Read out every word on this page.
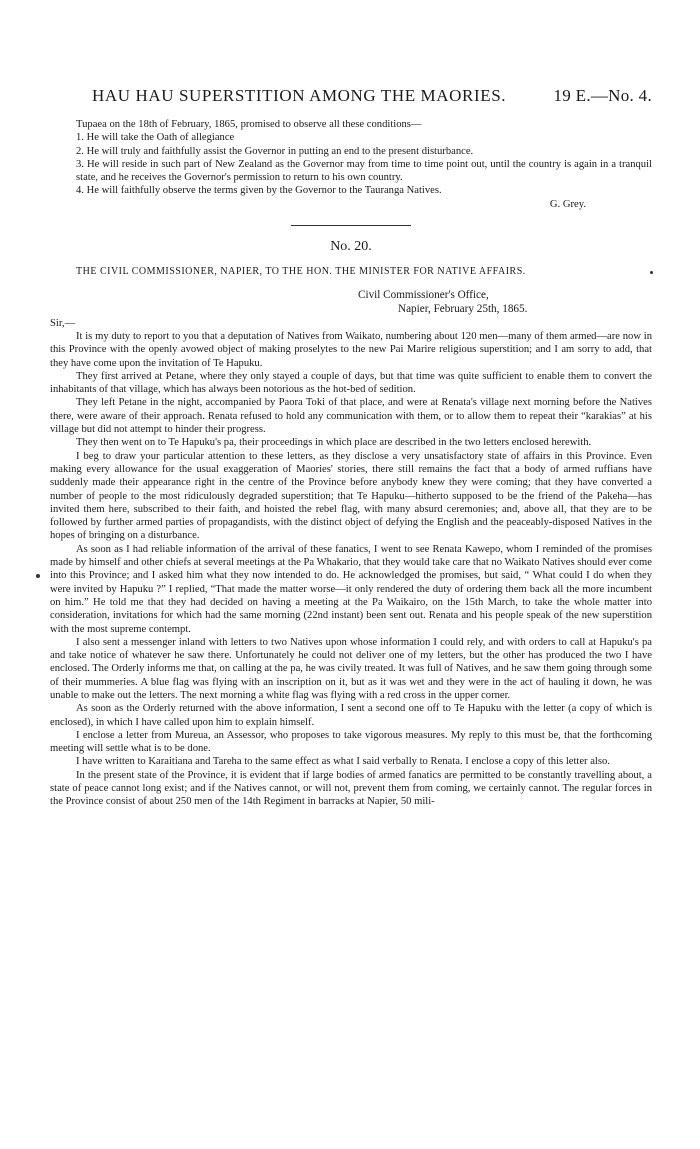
HAU HAU SUPERSTITION AMONG THE MAORIES.	19 E.—No. 4.

Tupaea on the 18th of February, 1865, promised to observe all these conditions—

1. He will take the Oath of allegiance

2. He will truly and faithfully assist the Governor in putting an end to the present disturbance.

3. He will reside in such part of New Zealand as the Governor may from time to time point out, until the country is again in a tranquil state, and he receives the Governor's permission to return to his own country.

4. He will faithfully observe the terms given by the Governor to the Tauranga Natives.

G. Grey.

No. 20.

THE CIVIL COMMISSIONER, NAPIER, TO THE HON. THE MINISTER FOR NATIVE AFFAIRS.

Civil Commissioner's Office,

Napier, February 25th, 1865.

Sir,—

It is my duty to report to you that a deputation of Natives from Waikato, numbering about 120 men—many of them armed—are now in this Province with the openly avowed object of making proselytes to the new Pai Marire religious superstition; and I am sorry to add, that they have come upon the invitation of Te Hapuku.

They first arrived at Petane, where they only stayed a couple of days, but that time was quite sufficient to enable them to convert the inhabitants of that village, which has always been notorious as the hot-bed of sedition.

They left Petane in the night, accompanied by Paora Toki of that place, and were at Renata's village next morning before the Natives there, were aware of their approach. Renata refused to hold any communication with them, or to allow them to repeat their “karakias” at his village but did not attempt to hinder their progress.

They then went on to Te Hapuku's pa, their proceedings in which place are described in the two letters enclosed herewith.

I beg to draw your particular attention to these letters, as they disclose a very unsatisfactory state of affairs in this Province. Even making every allowance for the usual exaggeration of Maories' stories, there still remains the fact that a body of armed ruffians have suddenly made their appearance right in the centre of the Province before anybody knew they were coming; that they have converted a number of people to the most ridiculously degraded superstition; that Te Hapuku—hitherto supposed to be the friend of the Pakeha—has invited them here, subscribed to their faith, and hoisted the rebel flag, with many absurd ceremonies; and, above all, that they are to be followed by further armed parties of propagandists, with the distinct object of defying the English and the peaceably-disposed Natives in the hopes of bringing on a disturbance.

As soon as I had reliable information of the arrival of these fanatics, I went to see Renata Kawepo, whom I reminded of the promises made by himself and other chiefs at several meetings at the Pa Whakario, that they would take care that no Waikato Natives should ever come into this Province; and I asked him what they now intended to do. He acknowledged the promises, but said, “ What could I do when they were invited by Hapuku ?” I replied, “That made the matter worse—it only rendered the duty of ordering them back all the more incumbent on him.” He told me that they had decided on having a meeting at the Pa Waikairo, on the 15th March, to take the whole matter into consideration, invitations for which had the same morning (22nd instant) been sent out. Renata and his people speak of the new superstition with the most supreme contempt.

I also sent a messenger inland with letters to two Natives upon whose information I could rely, and with orders to call at Hapuku's pa and take notice of whatever he saw there. Unfortunately he could not deliver one of my letters, but the other has produced the two I have enclosed. The Orderly informs me that, on calling at the pa, he was civily treated. It was full of Natives, and he saw them going through some of their mummeries. A blue flag was flying with an inscription on it, but as it was wet and they were in the act of hauling it down, he was unable to make out the letters. The next morning a white flag was flying with a red cross in the upper corner.

As soon as the Orderly returned with the above information, I sent a second one off to Te Hapuku with the letter (a copy of which is enclosed), in which I have called upon him to explain himself.

I enclose a letter from Mureua, an Assessor, who proposes to take vigorous measures. My reply to this must be, that the forthcoming meeting will settle what is to be done.

I have written to Karaitiana and Tareha to the same effect as what I said verbally to Renata. I enclose a copy of this letter also.

In the present state of the Province, it is evident that if large bodies of armed fanatics are permitted to be constantly travelling about, a state of peace cannot long exist; and if the Natives cannot, or will not, prevent them from coming, we certainly cannot. The regular forces in the Province consist of about 250 men of the 14th Regiment in barracks at Napier, 50 mili-
